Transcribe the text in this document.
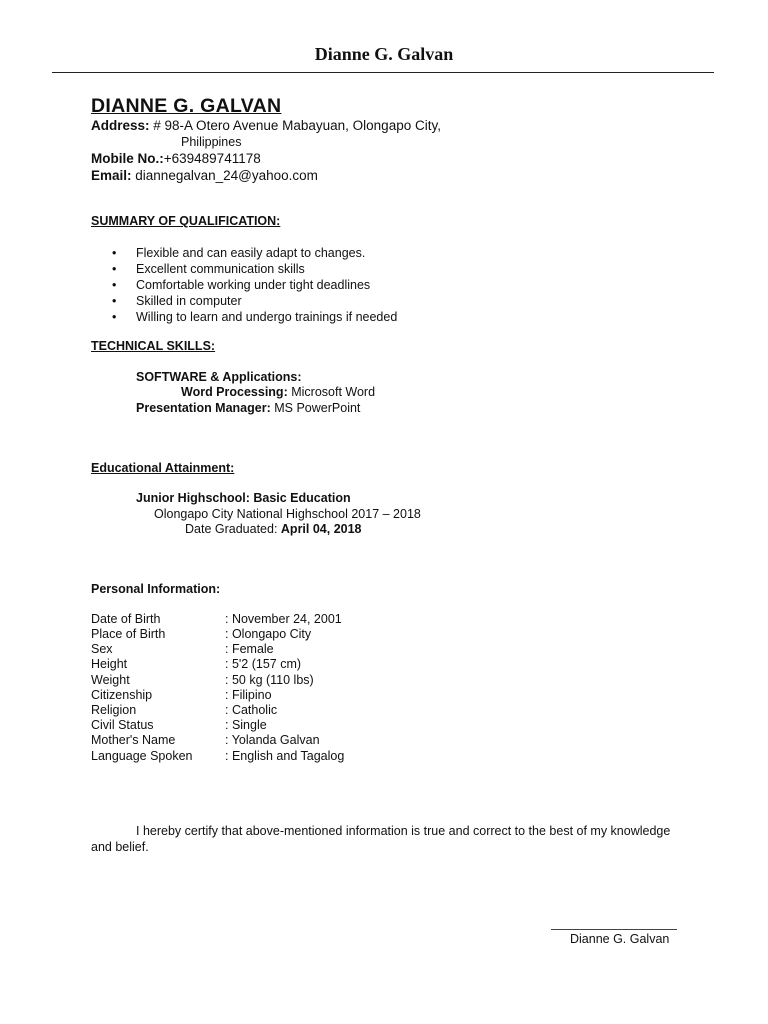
Dianne G. Galvan
DIANNE G. GALVAN
Address: # 98-A Otero Avenue Mabayuan, Olongapo City,
Philippines
Mobile No.:+639489741178
Email: diannegalvan_24@yahoo.com
SUMMARY OF QUALIFICATION:
•	Flexible and can easily adapt to changes.
•	Excellent communication skills
•	Comfortable working under tight deadlines
•	Skilled in computer
•	Willing to learn and undergo trainings if needed
TECHNICAL SKILLS:
SOFTWARE & Applications:
Word Processing: Microsoft Word
Presentation Manager: MS PowerPoint
Educational Attainment:
Junior Highschool: Basic Education
Olongapo City National Highschool 2017 – 2018
Date Graduated: April 04, 2018
Personal Information:
Date of Birth	: November 24, 2001
Place of Birth	: Olongapo City
Sex	: Female
Height	: 5'2 (157 cm)
Weight	: 50 kg (110 lbs)
Citizenship	: Filipino
Religion	: Catholic
Civil Status	: Single
Mother's Name	: Yolanda Galvan
Language Spoken	: English and Tagalog
I hereby certify that above-mentioned information is true and correct to the best of my knowledge
and belief.
Dianne G. Galvan
